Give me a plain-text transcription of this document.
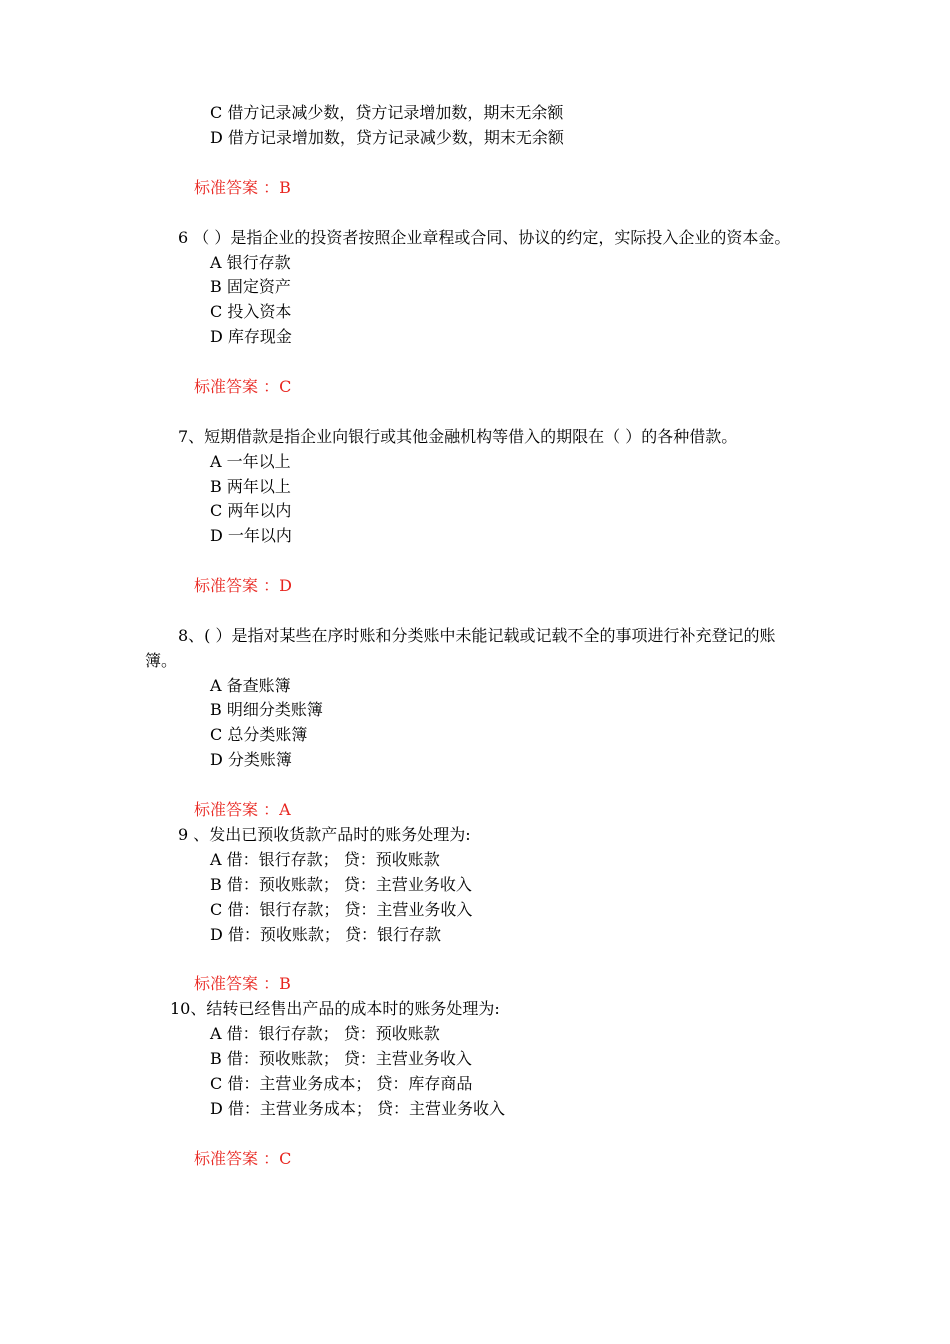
C 借方记录减少数，贷方记录增加数，期末无余额
D 借方记录增加数，贷方记录减少数，期末无余额
标准答案 ：B
6 （ ）是指企业的投资者按照企业章程或合同、协议的约定，实际投入企业的资本金。
A 银行存款
B 固定资产
C 投入资本
D 库存现金
标准答案 ：C
7、短期借款是指企业向银行或其他金融机构等借入的期限在（ ）的各种借款。
A 一年以上
B 两年以上
C 两年以内
D 一年以内
标准答案 ：D
8、( ）是指对某些在序时账和分类账中未能记载或记载不全的事项进行补充登记的账
簿。
A 备查账簿
B 明细分类账簿
C 总分类账簿
D 分类账簿
标准答案 ：A
9 、发出已预收货款产品时的账务处理为:
A 借：银行存款； 贷：预收账款
B 借：预收账款； 贷：主营业务收入
C 借：银行存款； 贷：主营业务收入
D 借：预收账款； 贷：银行存款
标准答案 ：B
10、结转已经售出产品的成本时的账务处理为:
A 借：银行存款； 贷：预收账款
B 借：预收账款； 贷：主营业务收入
C 借：主营业务成本； 贷：库存商品
D 借：主营业务成本； 贷：主营业务收入
标准答案 ：C
